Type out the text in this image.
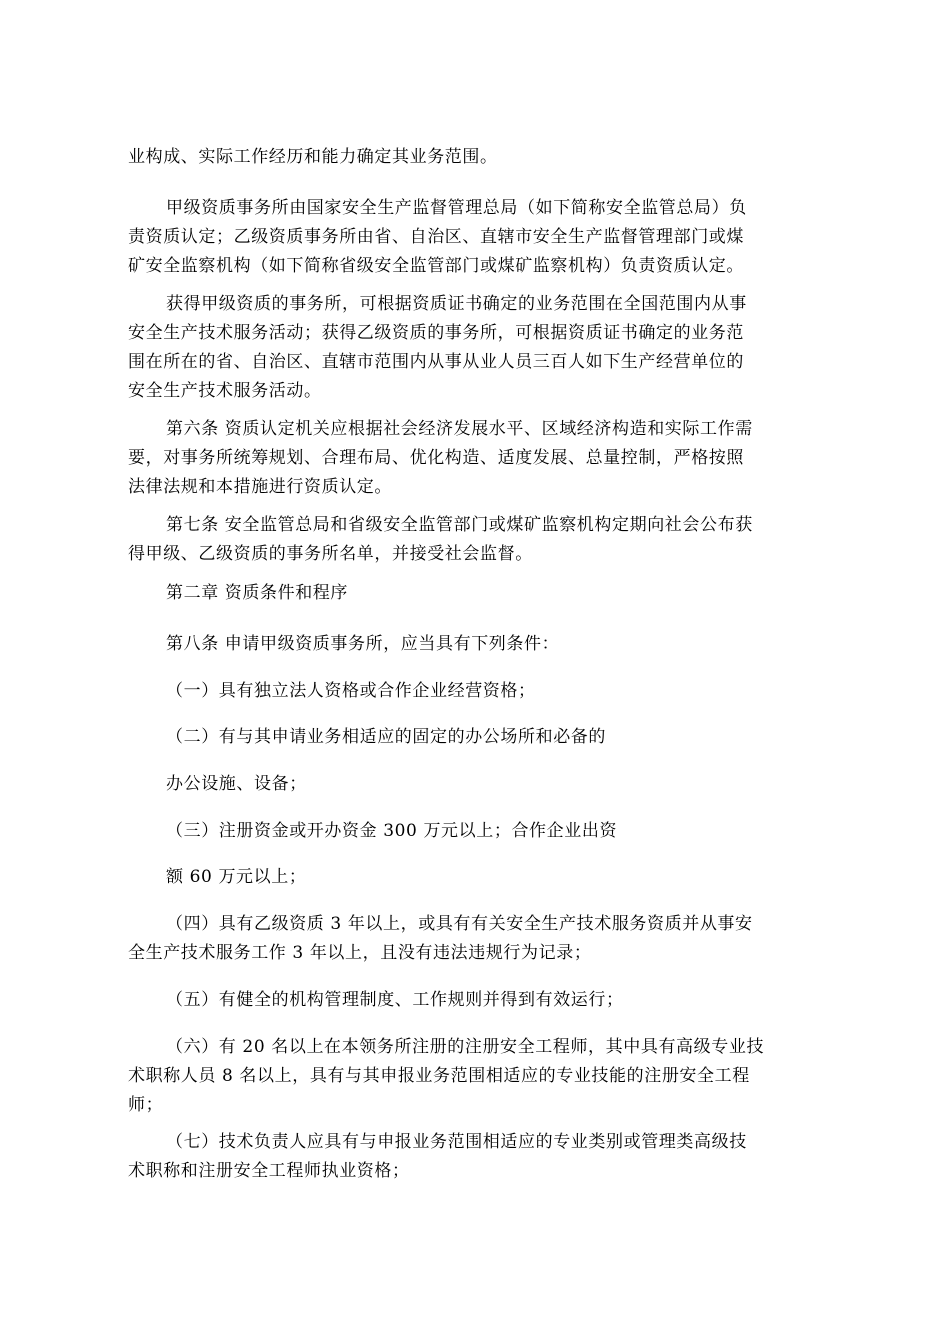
业构成、实际工作经历和能力确定其业务范围。
甲级资质事务所由国家安全生产监督管理总局（如下简称安全监管总局）负
责资质认定；乙级资质事务所由省、自治区、直辖市安全生产监督管理部门或煤
矿安全监察机构（如下简称省级安全监管部门或煤矿监察机构）负责资质认定。
获得甲级资质的事务所，可根据资质证书确定的业务范围在全国范围内从事
安全生产技术服务活动；获得乙级资质的事务所，可根据资质证书确定的业务范
围在所在的省、自治区、直辖市范围内从事从业人员三百人如下生产经营单位的
安全生产技术服务活动。
第六条 资质认定机关应根据社会经济发展水平、区域经济构造和实际工作需
要，对事务所统筹规划、合理布局、优化构造、适度发展、总量控制，严格按照
法律法规和本措施进行资质认定。
第七条 安全监管总局和省级安全监管部门或煤矿监察机构定期向社会公布获
得甲级、乙级资质的事务所名单，并接受社会监督。
第二章 资质条件和程序
第八条 申请甲级资质事务所，应当具有下列条件：
（一）具有独立法人资格或合作企业经营资格；
（二）有与其申请业务相适应的固定的办公场所和必备的
办公设施、设备；
（三）注册资金或开办资金 300 万元以上；合作企业出资
额 60 万元以上；
（四）具有乙级资质 3 年以上，或具有有关安全生产技术服务资质并从事安
全生产技术服务工作 3 年以上，且没有违法违规行为记录；
（五）有健全的机构管理制度、工作规则并得到有效运行；
（六）有 20 名以上在本领务所注册的注册安全工程师，其中具有高级专业技
术职称人员 8 名以上，具有与其申报业务范围相适应的专业技能的注册安全工程
师；
（七）技术负责人应具有与申报业务范围相适应的专业类别或管理类高级技
术职称和注册安全工程师执业资格；
